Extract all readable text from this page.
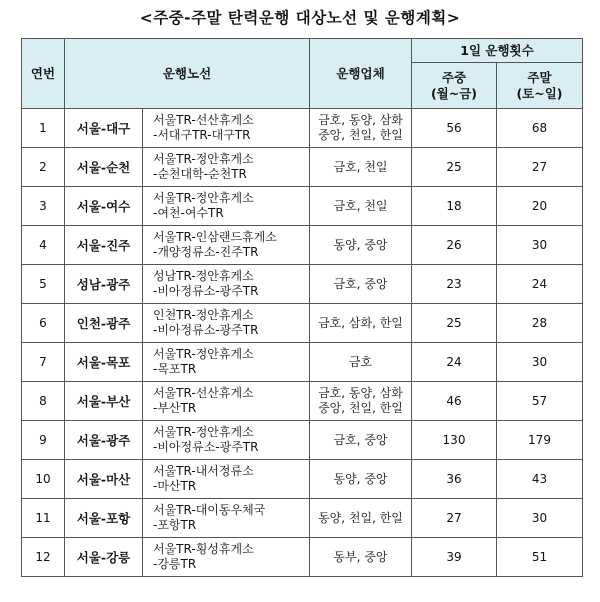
<주중-주말 탄력운행 대상노선 및 운행계획>
연번	운행노선		운행업체	1일 운행횟수	
				주중
(월~금)	주말
(토~일)
1	서울-대구	서울TR-선산휴게소
-서대구TR-대구TR	금호, 동양, 삼화
중앙, 천일, 한일	56	68
2	서울-순천	서울TR-정안휴게소
-순천대학-순천TR	금호, 천일	25	27
3	서울-여수	서울TR-정안휴게소
-여천-여수TR	금호, 천일	18	20
4	서울-진주	서울TR-인삼랜드휴게소
-개양정류소-진주TR	동양, 중앙	26	30
5	성남-광주	성남TR-정안휴게소
-비아정류소-광주TR	금호, 중앙	23	24
6	인천-광주	인천TR-정안휴게소
-비아정류소-광주TR	금호, 삼화, 한일	25	28
7	서울-목포	서울TR-정안휴게소
-목포TR	금호	24	30
8	서울-부산	서울TR-선산휴게소
-부산TR	금호, 동양, 삼화
중앙, 천일, 한일	46	57
9	서울-광주	서울TR-정안휴게소
-비아정류소-광주TR	금호, 중앙	130	179
10	서울-마산	서울TR-내서정류소
-마산TR	동양, 중앙	36	43
11	서울-포항	서울TR-대이동우체국
-포항TR	동양, 천일, 한일	27	30
12	서울-강릉	서울TR-횡성휴게소
-강릉TR	동부, 중앙	39	51
